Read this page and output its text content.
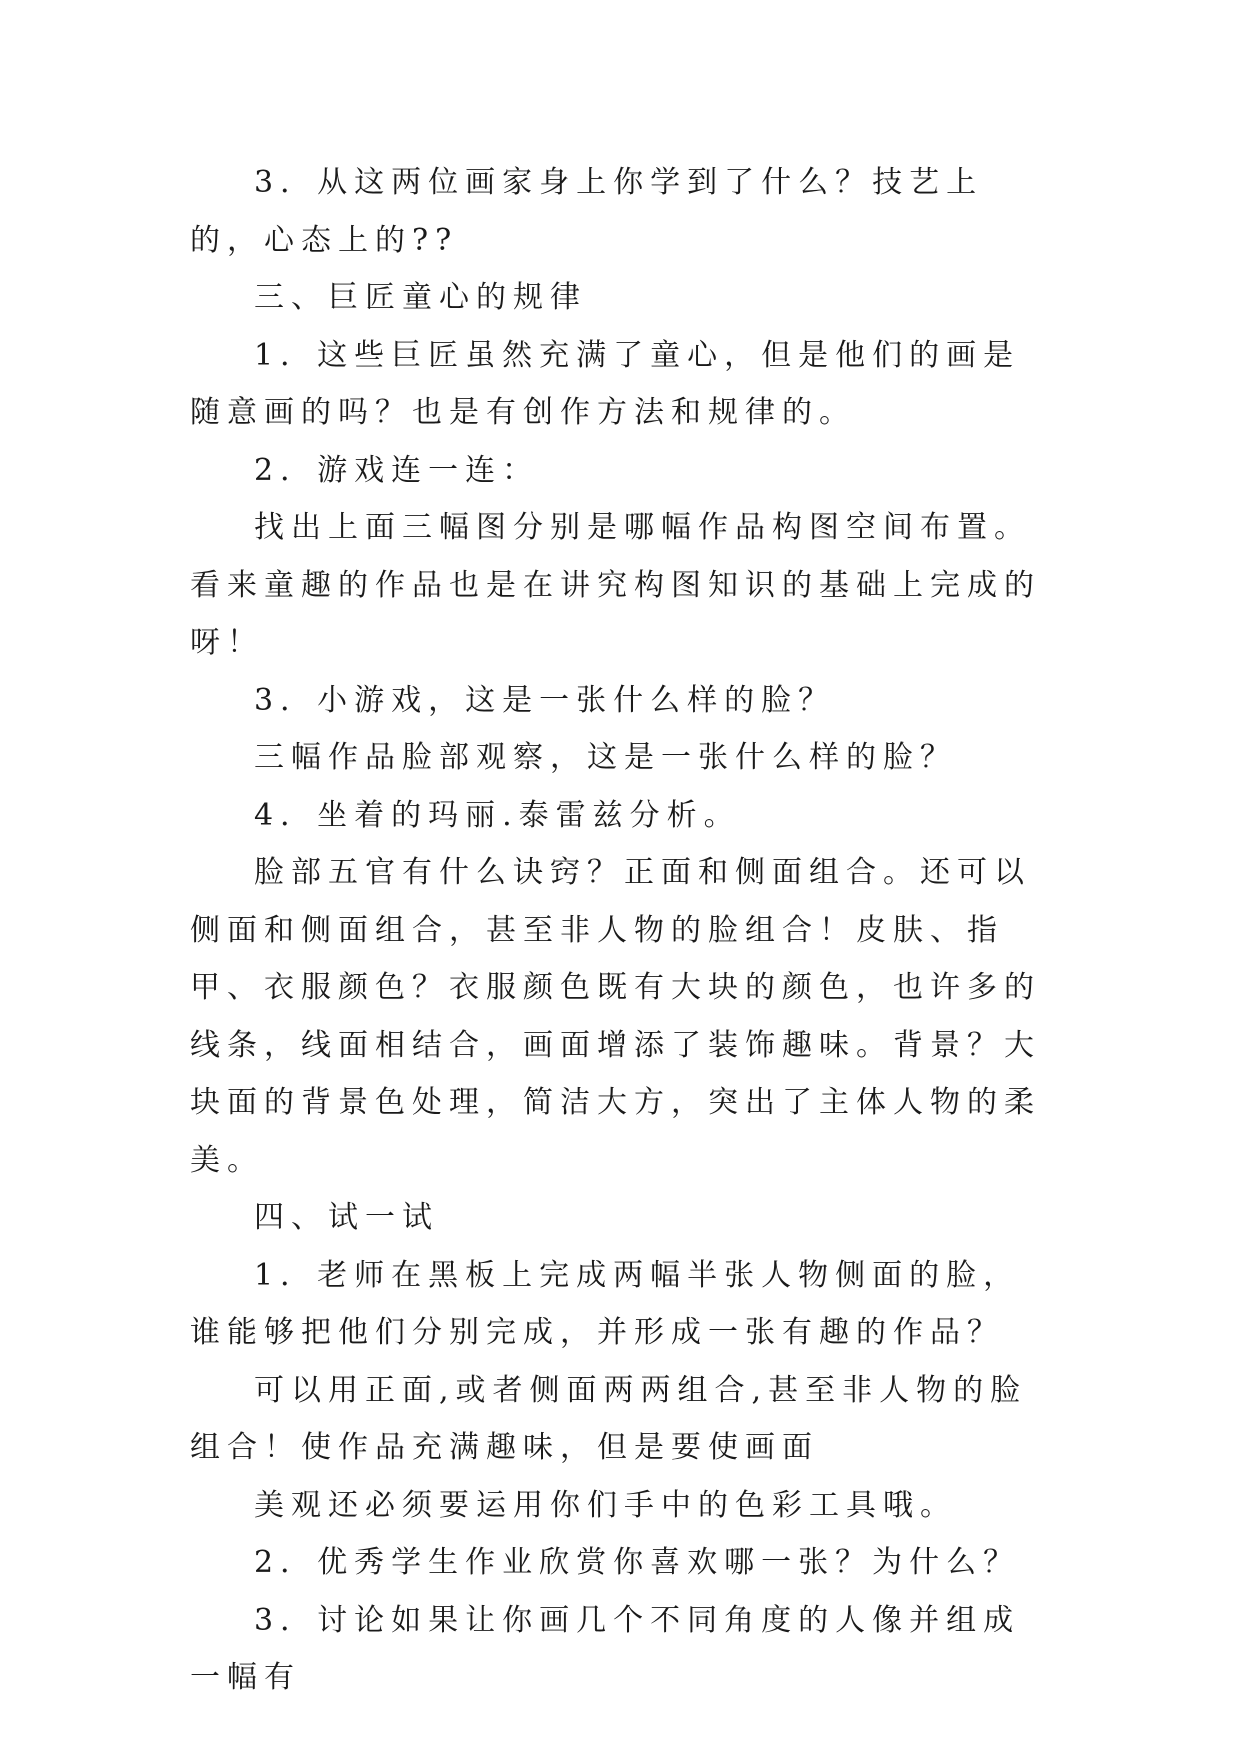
3．从这两位画家身上你学到了什么？技艺上的，心态上的??

三、巨匠童心的规律

1．这些巨匠虽然充满了童心，但是他们的画是随意画的吗？也是有创作方法和规律的。

2．游戏连一连：

找出上面三幅图分别是哪幅作品构图空间布置。 看来童趣的作品也是在讲究构图知识的基础上完成的呀！

3．小游戏，这是一张什么样的脸？

三幅作品脸部观察，这是一张什么样的脸？

4．坐着的玛丽.泰雷兹分析。

脸部五官有什么诀窍？正面和侧面组合。还可以侧面和侧面组合，甚至非人物的脸组合！皮肤、指甲、衣服颜色？衣服颜色既有大块的颜色，也许多的线条，线面相结合，画面增添了装饰趣味。背景？大块面的背景色处理，简洁大方，突出了主体人物的柔美。

四、试一试

1．老师在黑板上完成两幅半张人物侧面的脸，谁能够把他们分别完成，并形成一张有趣的作品？

可以用正面,或者侧面两两组合,甚至非人物的脸组合！使作品充满趣味，但是要使画面

美观还必须要运用你们手中的色彩工具哦。

2．优秀学生作业欣赏你喜欢哪一张？为什么？

3．讨论如果让你画几个不同角度的人像并组成一幅有
